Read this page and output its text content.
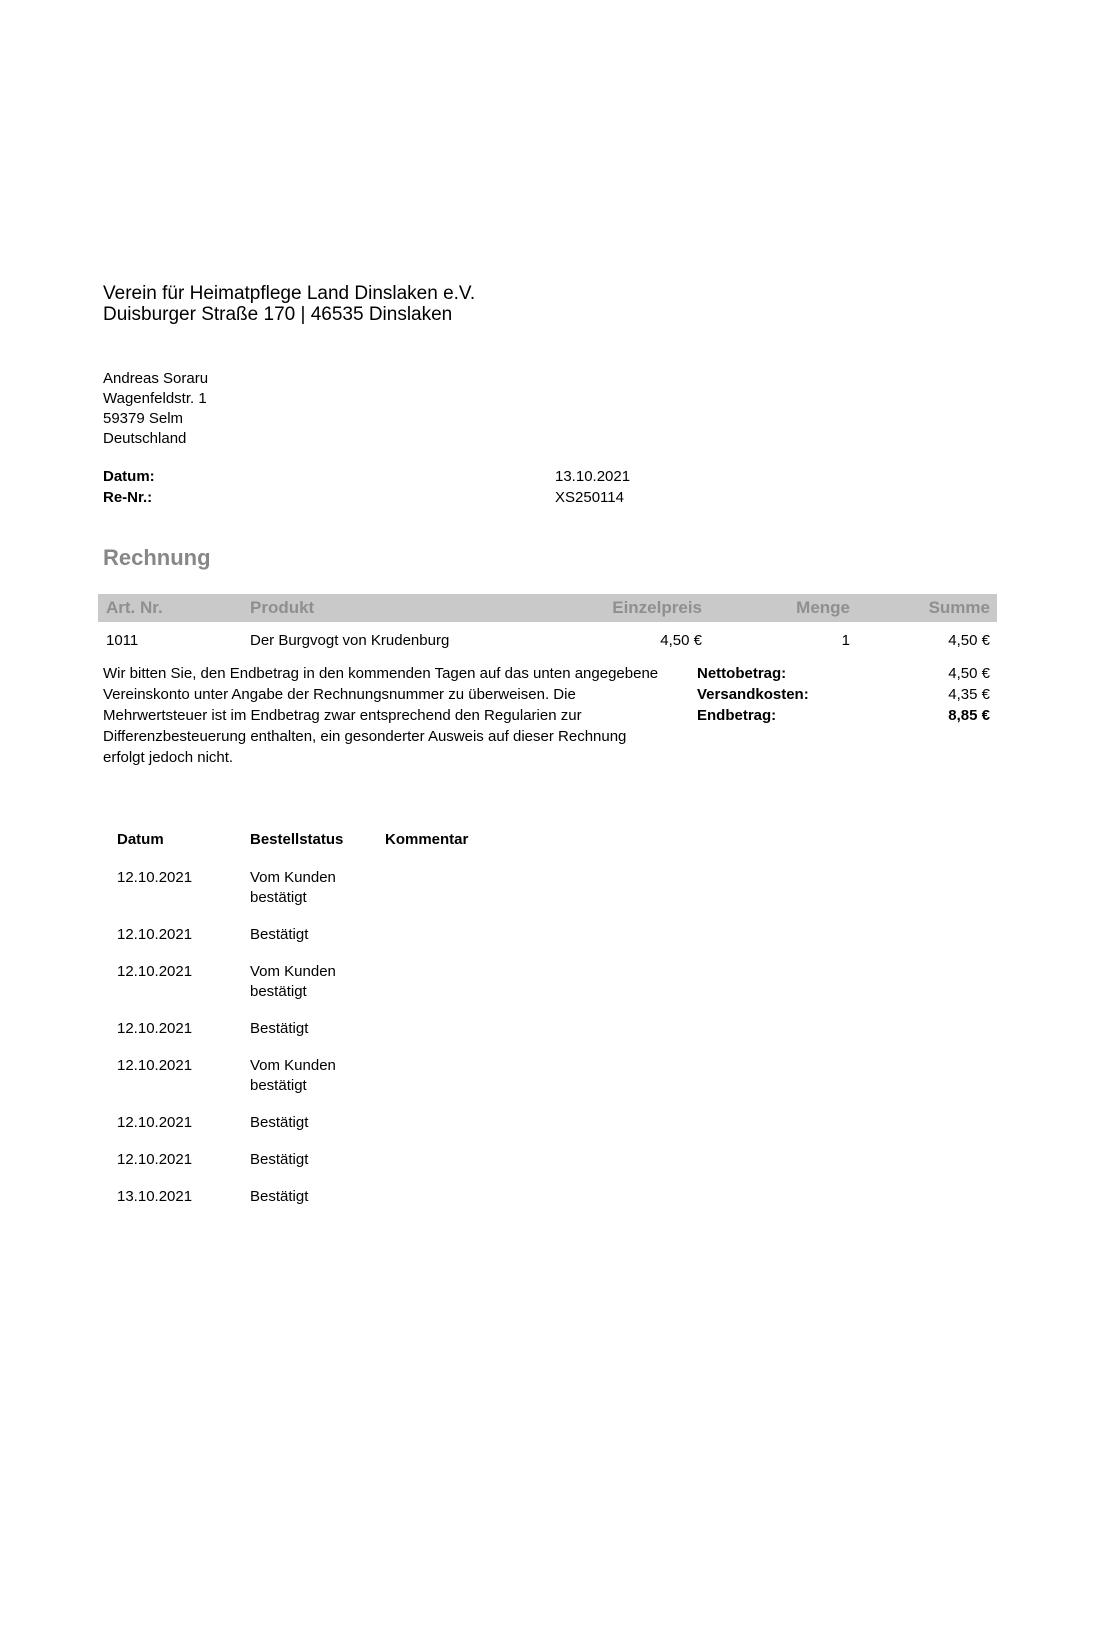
Verein für Heimatpflege Land Dinslaken e.V.
Duisburger Straße 170 | 46535 Dinslaken
Andreas Soraru
Wagenfeldstr. 1
59379 Selm
Deutschland
Datum:	13.10.2021
Re-Nr.:	XS250114
Rechnung
Art. Nr.	Produkt	Einzelpreis	Menge	Summe
1011	Der Burgvogt von Krudenburg	4,50 €	1	4,50 €

Wir bitten Sie, den Endbetrag in den kommenden Tagen auf das unten angegebene Vereinskonto unter Angabe der Rechnungsnummer zu überweisen. Die Mehrwertsteuer ist im Endbetrag zwar entsprechend den Regularien zur Differenzbesteuerung enthalten, ein gesonderter Ausweis auf dieser Rechnung erfolgt jedoch nicht.

Nettobetrag:	4,50 €
Versandkosten:	4,35 €
Endbetrag:	8,85 €
Datum	Bestellstatus	Kommentar
12.10.2021	Vom Kunden bestätigt
12.10.2021	Bestätigt
12.10.2021	Vom Kunden bestätigt
12.10.2021	Bestätigt
12.10.2021	Vom Kunden bestätigt
12.10.2021	Bestätigt
12.10.2021	Bestätigt
13.10.2021	Bestätigt
